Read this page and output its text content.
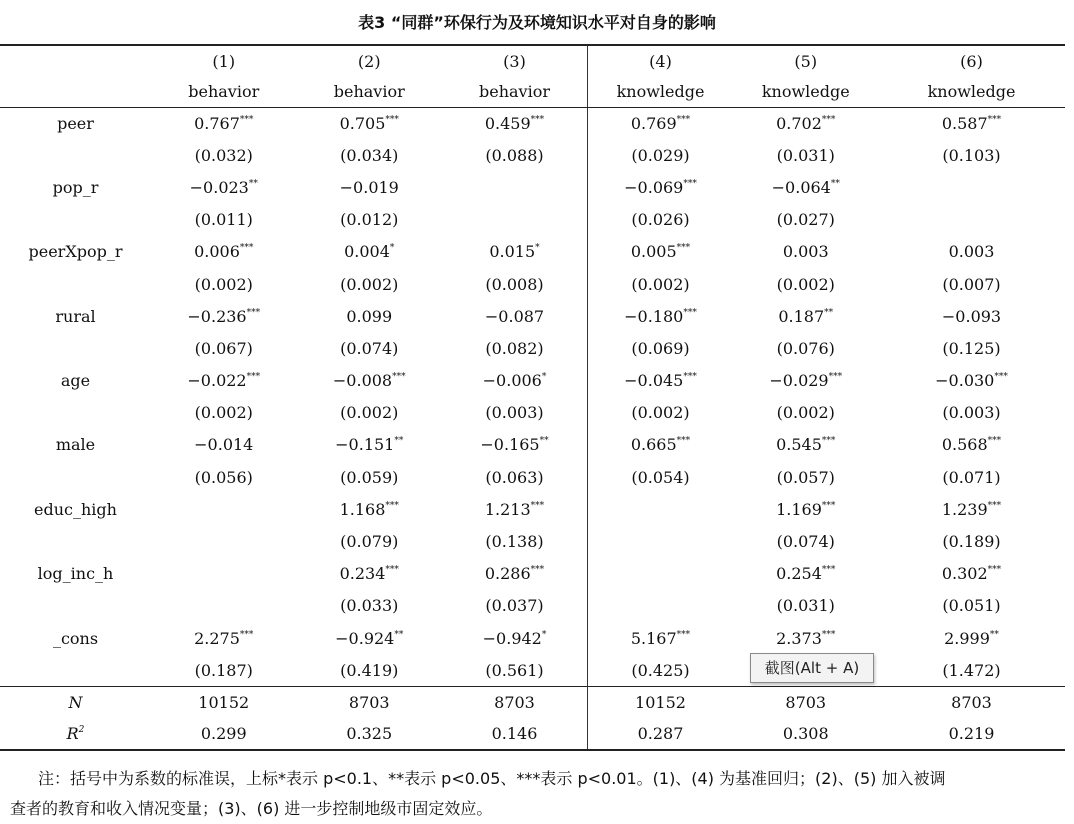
表3 “同群”环保行为及环境知识水平对自身的影响
	(1)	(2)	(3)	(4)	(5)	(6)
	behavior	behavior	behavior	knowledge	knowledge	knowledge
peer	0.767***	0.705***	0.459***	0.769***	0.702***	0.587***
	(0.032)	(0.034)	(0.088)	(0.029)	(0.031)	(0.103)
pop_r	−0.023**	−0.019		−0.069***	−0.064**	
	(0.011)	(0.012)		(0.026)	(0.027)	
peerXpop_r	0.006***	0.004*	0.015*	0.005***	0.003	0.003
	(0.002)	(0.002)	(0.008)	(0.002)	(0.002)	(0.007)
rural	−0.236***	0.099	−0.087	−0.180***	0.187**	−0.093
	(0.067)	(0.074)	(0.082)	(0.069)	(0.076)	(0.125)
age	−0.022***	−0.008***	−0.006*	−0.045***	−0.029***	−0.030***
	(0.002)	(0.002)	(0.003)	(0.002)	(0.002)	(0.003)
male	−0.014	−0.151**	−0.165**	0.665***	0.545***	0.568***
	(0.056)	(0.059)	(0.063)	(0.054)	(0.057)	(0.071)
educ_high		1.168***	1.213***		1.169***	1.239***
		(0.079)	(0.138)		(0.074)	(0.189)
log_inc_h		0.234***	0.286***		0.254***	0.302***
		(0.033)	(0.037)		(0.031)	(0.051)
_cons	2.275***	−0.924**	−0.942*	5.167***	2.373***	2.999**
	(0.187)	(0.419)	(0.561)	(0.425)		(1.472)
N	10152	8703	8703	10152	8703	8703
$R^2$	0.299	0.325	0.146	0.287	0.308	0.219
截图(Alt + A)
注：括号中为系数的标准误，上标*表示 p<0.1、**表示 p<0.05、***表示 p<0.01。(1)、(4) 为基准回归；(2)、(5) 加入被调
查者的教育和收入情况变量；(3)、(6) 进一步控制地级市固定效应。
